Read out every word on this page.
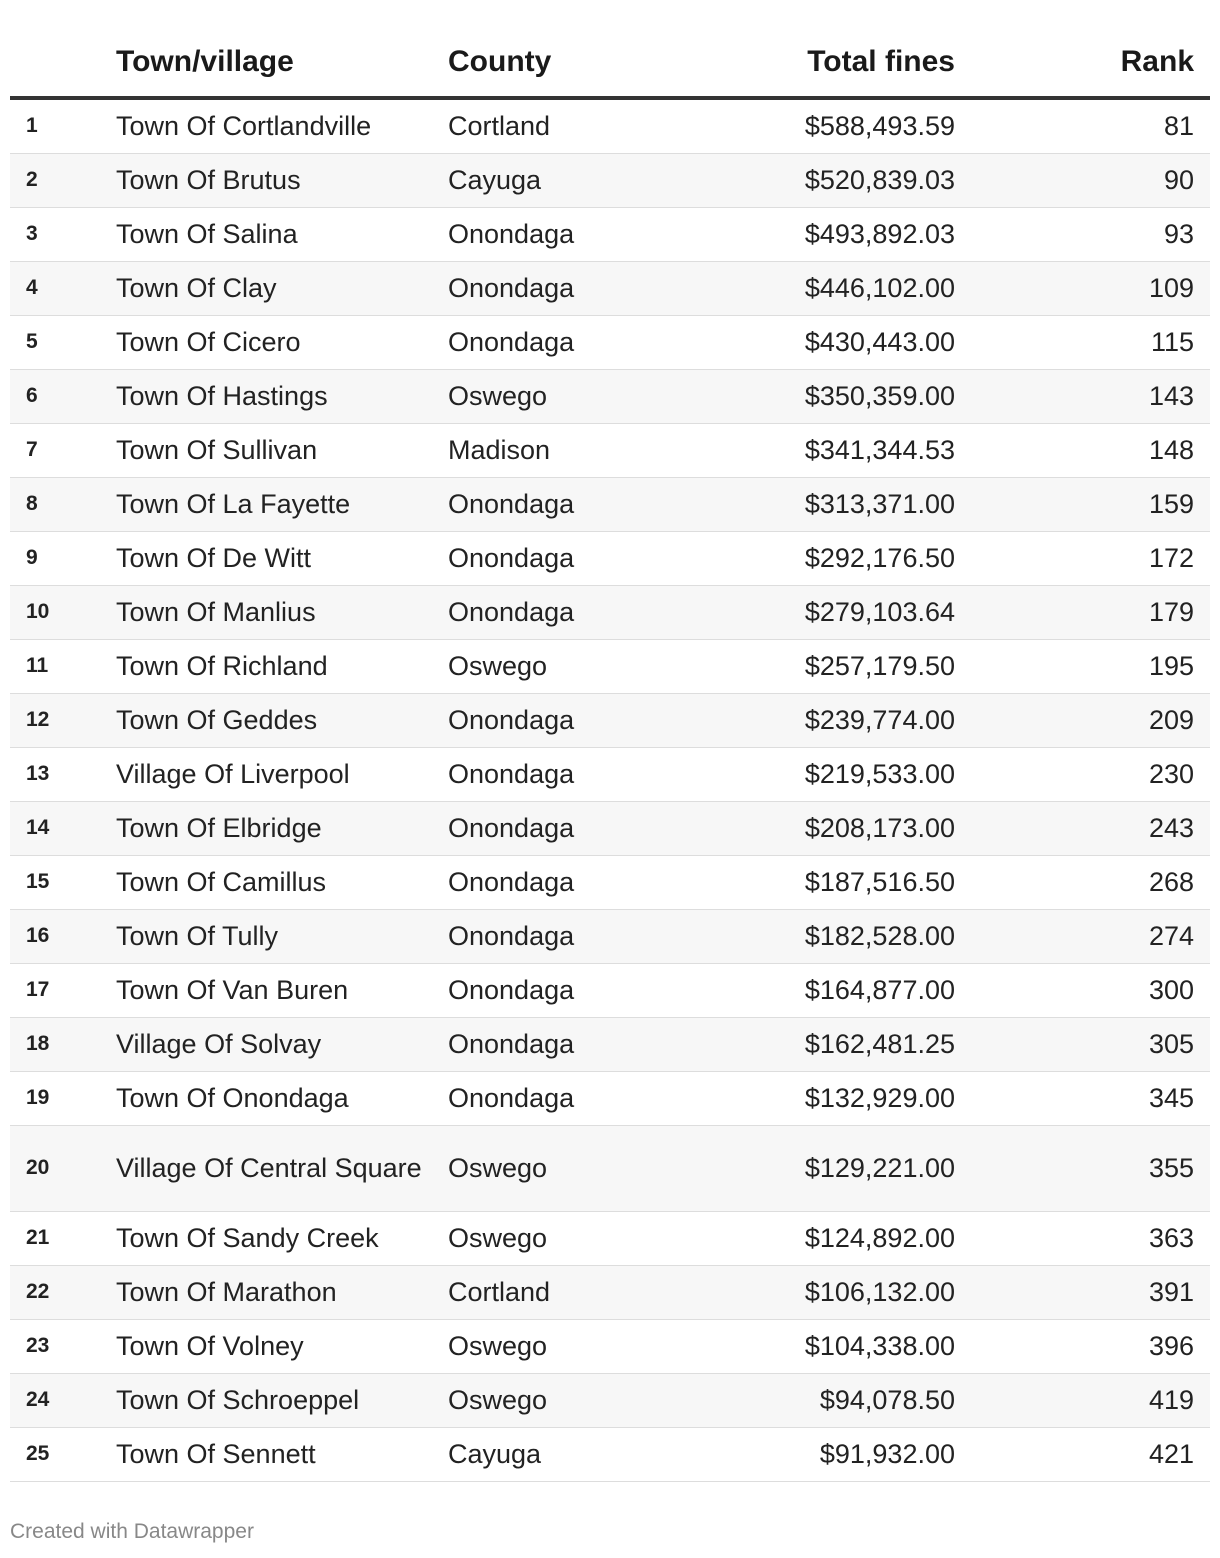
	Town/village	County	Total fines	Rank
1	Town Of Cortlandville	Cortland	$588,493.59	81
2	Town Of Brutus	Cayuga	$520,839.03	90
3	Town Of Salina	Onondaga	$493,892.03	93
4	Town Of Clay	Onondaga	$446,102.00	109
5	Town Of Cicero	Onondaga	$430,443.00	115
6	Town Of Hastings	Oswego	$350,359.00	143
7	Town Of Sullivan	Madison	$341,344.53	148
8	Town Of La Fayette	Onondaga	$313,371.00	159
9	Town Of De Witt	Onondaga	$292,176.50	172
10	Town Of Manlius	Onondaga	$279,103.64	179
11	Town Of Richland	Oswego	$257,179.50	195
12	Town Of Geddes	Onondaga	$239,774.00	209
13	Village Of Liverpool	Onondaga	$219,533.00	230
14	Town Of Elbridge	Onondaga	$208,173.00	243
15	Town Of Camillus	Onondaga	$187,516.50	268
16	Town Of Tully	Onondaga	$182,528.00	274
17	Town Of Van Buren	Onondaga	$164,877.00	300
18	Village Of Solvay	Onondaga	$162,481.25	305
19	Town Of Onondaga	Onondaga	$132,929.00	345
20	Village Of Central Square	Oswego	$129,221.00	355
21	Town Of Sandy Creek	Oswego	$124,892.00	363
22	Town Of Marathon	Cortland	$106,132.00	391
23	Town Of Volney	Oswego	$104,338.00	396
24	Town Of Schroeppel	Oswego	$94,078.50	419
25	Town Of Sennett	Cayuga	$91,932.00	421
Created with Datawrapper
